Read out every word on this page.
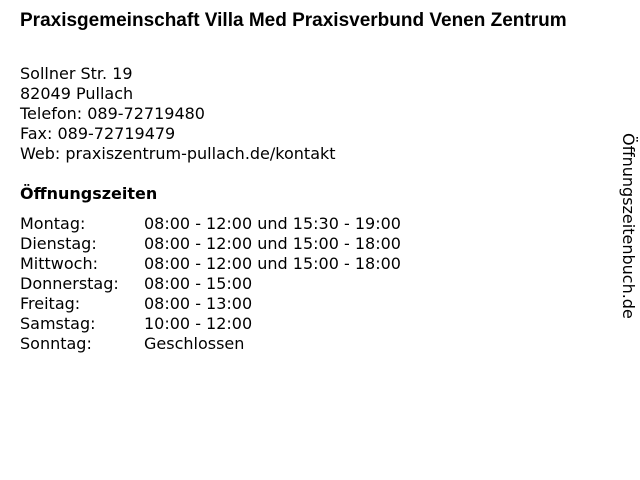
Praxisgemeinschaft Villa Med Praxisverbund Venen Zentrum
Sollner Str. 19
82049 Pullach
Telefon: 089-72719480
Fax: 089-72719479
Web: praxiszentrum-pullach.de/kontakt
Öffnungszeiten
Montag:	08:00 - 12:00 und 15:30 - 19:00
Dienstag:	08:00 - 12:00 und 15:00 - 18:00
Mittwoch:	08:00 - 12:00 und 15:00 - 18:00
Donnerstag: 08:00 - 15:00
Freitag:	08:00 - 13:00
Samstag:	10:00 - 12:00
Sonntag:	Geschlossen
Öffnungszeitenbuch.de
